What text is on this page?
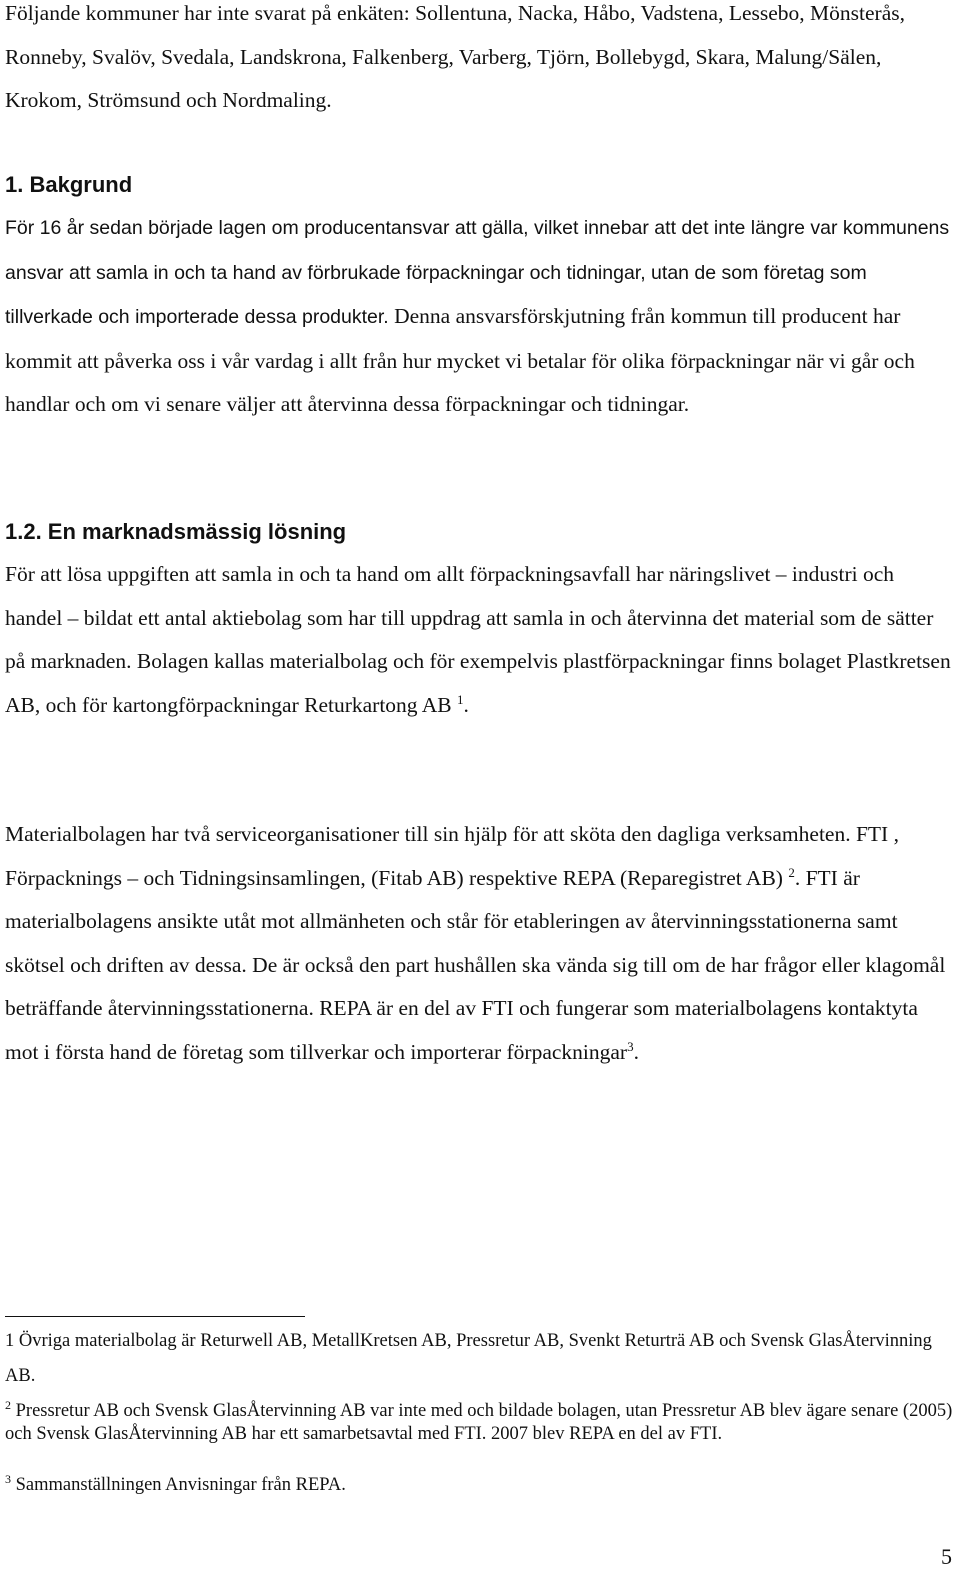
Följande kommuner har inte svarat på enkäten: Sollentuna, Nacka, Håbo, Vadstena, Lessebo, Mönsterås, Ronneby, Svalöv, Svedala, Landskrona, Falkenberg, Varberg, Tjörn, Bollebygd, Skara, Malung/Sälen, Krokom, Strömsund och Nordmaling.

1. Bakgrund

För 16 år sedan började lagen om producentansvar att gälla, vilket innebar att det inte längre var kommunens ansvar att samla in och ta hand av förbrukade förpackningar och tidningar, utan de som företag som tillverkade och importerade dessa produkter. Denna ansvarsförskjutning från kommun till producent har kommit att påverka oss i vår vardag i allt från hur mycket vi betalar för olika förpackningar när vi går och handlar och om vi senare väljer att återvinna dessa förpackningar och tidningar.

1.2. En marknadsmässig lösning

För att lösa uppgiften att samla in och ta hand om allt förpackningsavfall har näringslivet – industri och handel – bildat ett antal aktiebolag som har till uppdrag att samla in och återvinna det material som de sätter på marknaden. Bolagen kallas materialbolag och för exempelvis plastförpackningar finns bolaget Plastkretsen AB, och för kartongförpackningar Returkartong AB $^1$.

Materialbolagen har två serviceorganisationer till sin hjälp för att sköta den dagliga verksamheten. FTI , Förpacknings – och Tidningsinsamlingen, (Fitab AB) respektive REPA (Reparegistret AB) $^2$. FTI är materialbolagens ansikte utåt mot allmänheten och står för etableringen av återvinningsstationerna samt skötsel och driften av dessa. De är också den part hushållen ska vända sig till om de har frågor eller klagomål beträffande återvinningsstationerna. REPA är en del av FTI och fungerar som materialbolagens kontaktyta mot i första hand de företag som tillverkar och importerar förpackningar$^3$.

1 Övriga materialbolag är Returwell AB, MetallKretsen AB, Pressretur AB, Svenkt Returträ AB och Svensk GlasÅtervinning AB.

$^2$ Pressretur AB och Svensk GlasÅtervinning AB var inte med och bildade bolagen, utan Pressretur AB blev ägare senare (2005) och Svensk GlasÅtervinning AB har ett samarbetsavtal med FTI. 2007 blev REPA en del av FTI.

$^3$ Sammanställningen Anvisningar från REPA.

5
